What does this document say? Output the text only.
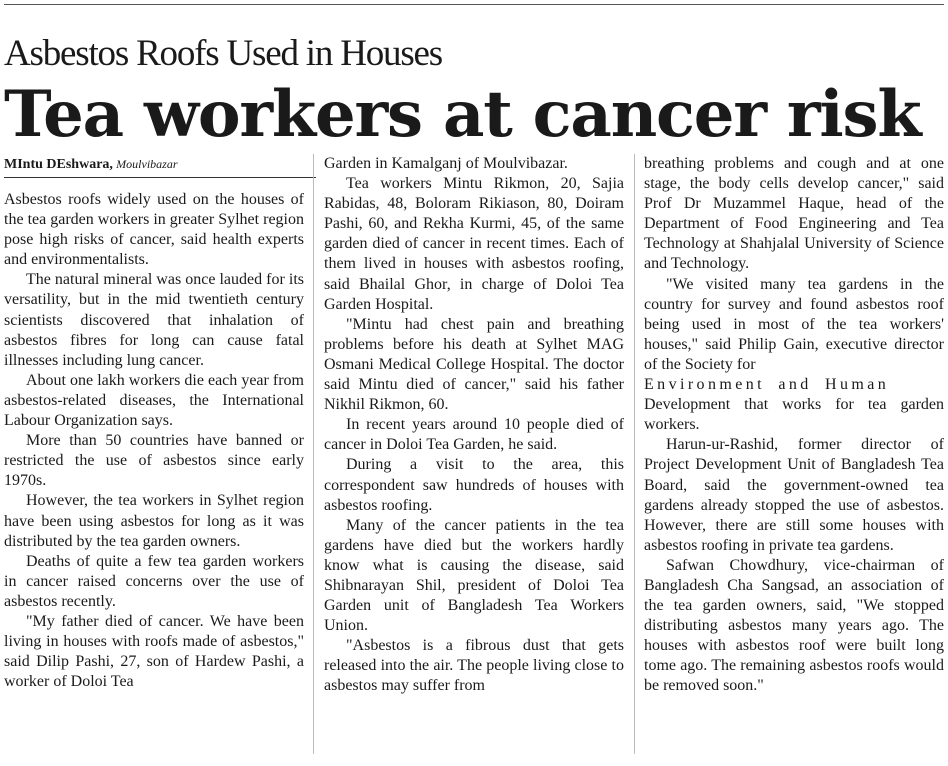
Asbestos Roofs Used in Houses
Tea workers at cancer risk
MIntu DEshwara, Moulvibazar

Asbestos roofs widely used on the houses of the tea garden workers in greater Sylhet region pose high risks of cancer, said health experts and environmentalists.

The natural mineral was once lauded for its versatility, but in the mid twentieth century scientists discovered that inhalation of asbestos fibres for long can cause fatal illnesses including lung cancer.

About one lakh workers die each year from asbestos-related diseases, the International Labour Organization says.

More than 50 countries have banned or restricted the use of asbestos since early 1970s.

However, the tea workers in Sylhet region have been using asbestos for long as it was distributed by the tea garden owners.

Deaths of quite a few tea garden workers in cancer raised concerns over the use of asbestos recently.

"My father died of cancer. We have been living in houses with roofs made of asbestos," said Dilip Pashi, 27, son of Hardew Pashi, a worker of Doloi Tea

Garden in Kamalganj of Moulvibazar.

Tea workers Mintu Rikmon, 20, Sajia Rabidas, 48, Boloram Rikiason, 80, Doiram Pashi, 60, and Rekha Kurmi, 45, of the same garden died of cancer in recent times. Each of them lived in houses with asbestos roofing, said Bhailal Ghor, in charge of Doloi Tea Garden Hospital.

"Mintu had chest pain and breathing problems before his death at Sylhet MAG Osmani Medical College Hospital. The doctor said Mintu died of cancer," said his father Nikhil Rikmon, 60.

In recent years around 10 people died of cancer in Doloi Tea Garden, he said.

During a visit to the area, this correspondent saw hundreds of houses with asbestos roofing.

Many of the cancer patients in the tea gardens have died but the workers hardly know what is causing the disease, said Shibnarayan Shil, president of Doloi Tea Garden unit of Bangladesh Tea Workers Union.

"Asbestos is a fibrous dust that gets released into the air. The people living close to asbestos may suffer from

breathing problems and cough and at one stage, the body cells develop cancer," said Prof Dr Muzammel Haque, head of the Department of Food Engineering and Tea Technology at Shahjalal University of Science and Technology.

"We visited many tea gardens in the country for survey and found asbestos roof being used in most of the tea workers' houses," said Philip Gain, executive director of the Society for

Environment and Human

Development that works for tea garden workers.

Harun-ur-Rashid, former director of Project Development Unit of Bangladesh Tea Board, said the government-owned tea gardens already stopped the use of asbestos. However, there are still some houses with asbestos roofing in private tea gardens.

Safwan Chowdhury, vice-chairman of Bangladesh Cha Sangsad, an association of the tea garden owners, said, "We stopped distributing asbestos many years ago. The houses with asbestos roof were built long tome ago. The remaining asbestos roofs would be removed soon."
